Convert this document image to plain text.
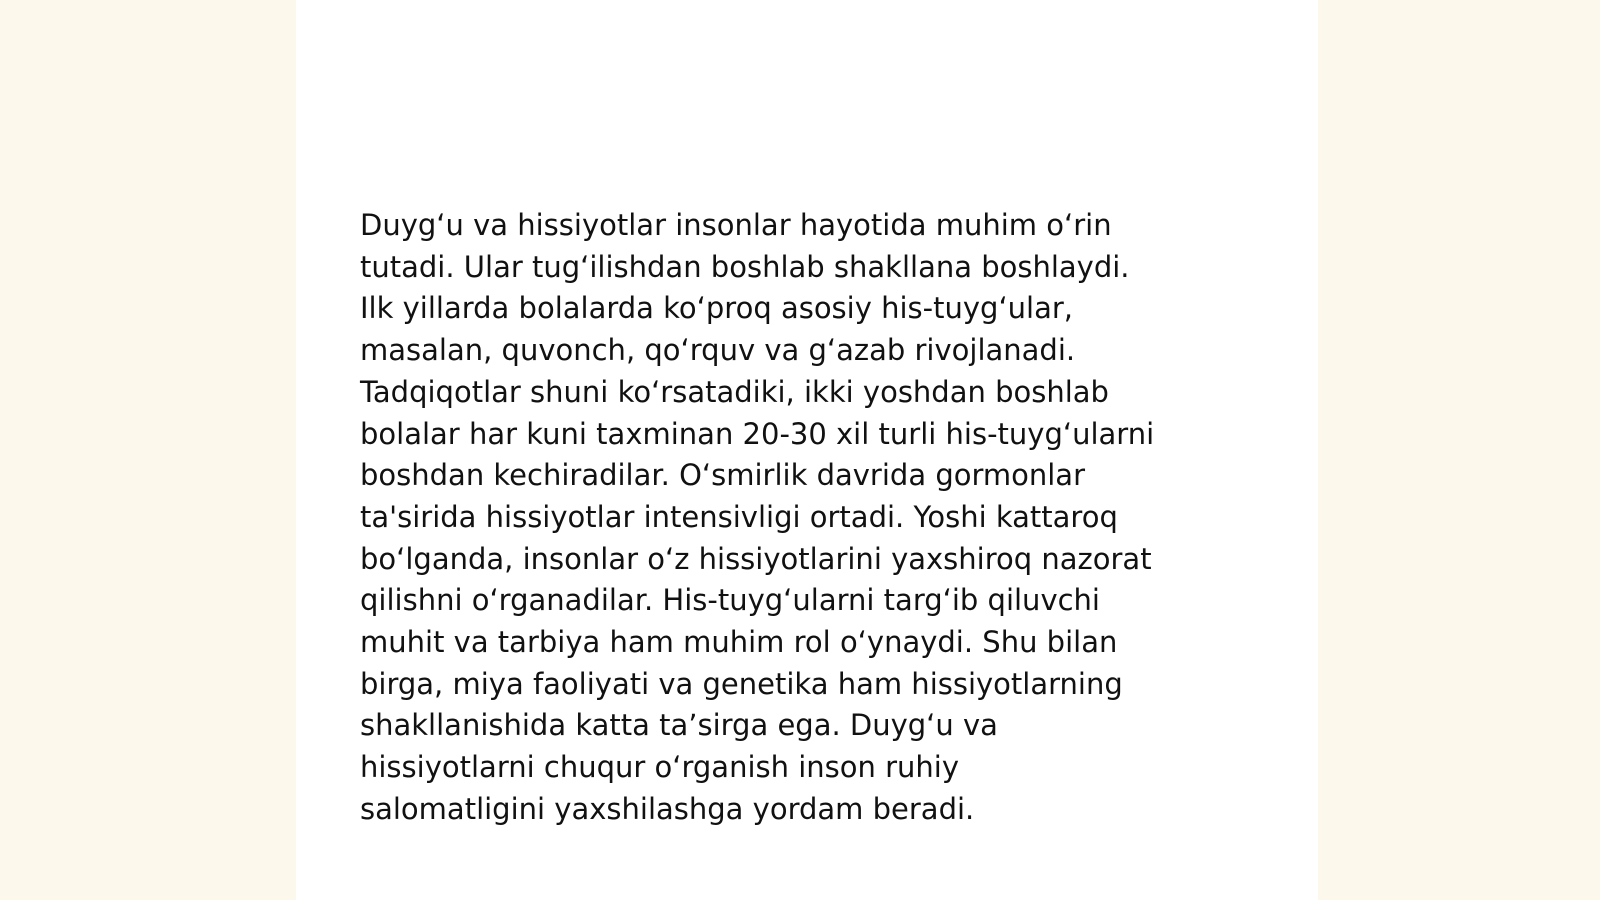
Duyg‘u va hissiyotlar insonlar hayotida muhim o‘rin
tutadi. Ular tug‘ilishdan boshlab shakllana boshlaydi.
Ilk yillarda bolalarda ko‘proq asosiy his-tuyg‘ular,
masalan, quvonch, qo‘rquv va g‘azab rivojlanadi.
Tadqiqotlar shuni ko‘rsatadiki, ikki yoshdan boshlab
bolalar har kuni taxminan 20-30 xil turli his-tuyg‘ularni
boshdan kechiradilar. O‘smirlik davrida gormonlar
ta'sirida hissiyotlar intensivligi ortadi. Yoshi kattaroq
bo‘lganda, insonlar o‘z hissiyotlarini yaxshiroq nazorat
qilishni o‘rganadilar. His-tuyg‘ularni targ‘ib qiluvchi
muhit va tarbiya ham muhim rol o‘ynaydi. Shu bilan
birga, miya faoliyati va genetika ham hissiyotlarning
shakllanishida katta ta’sirga ega. Duyg‘u va
hissiyotlarni chuqur o‘rganish inson ruhiy
salomatligini yaxshilashga yordam beradi.
